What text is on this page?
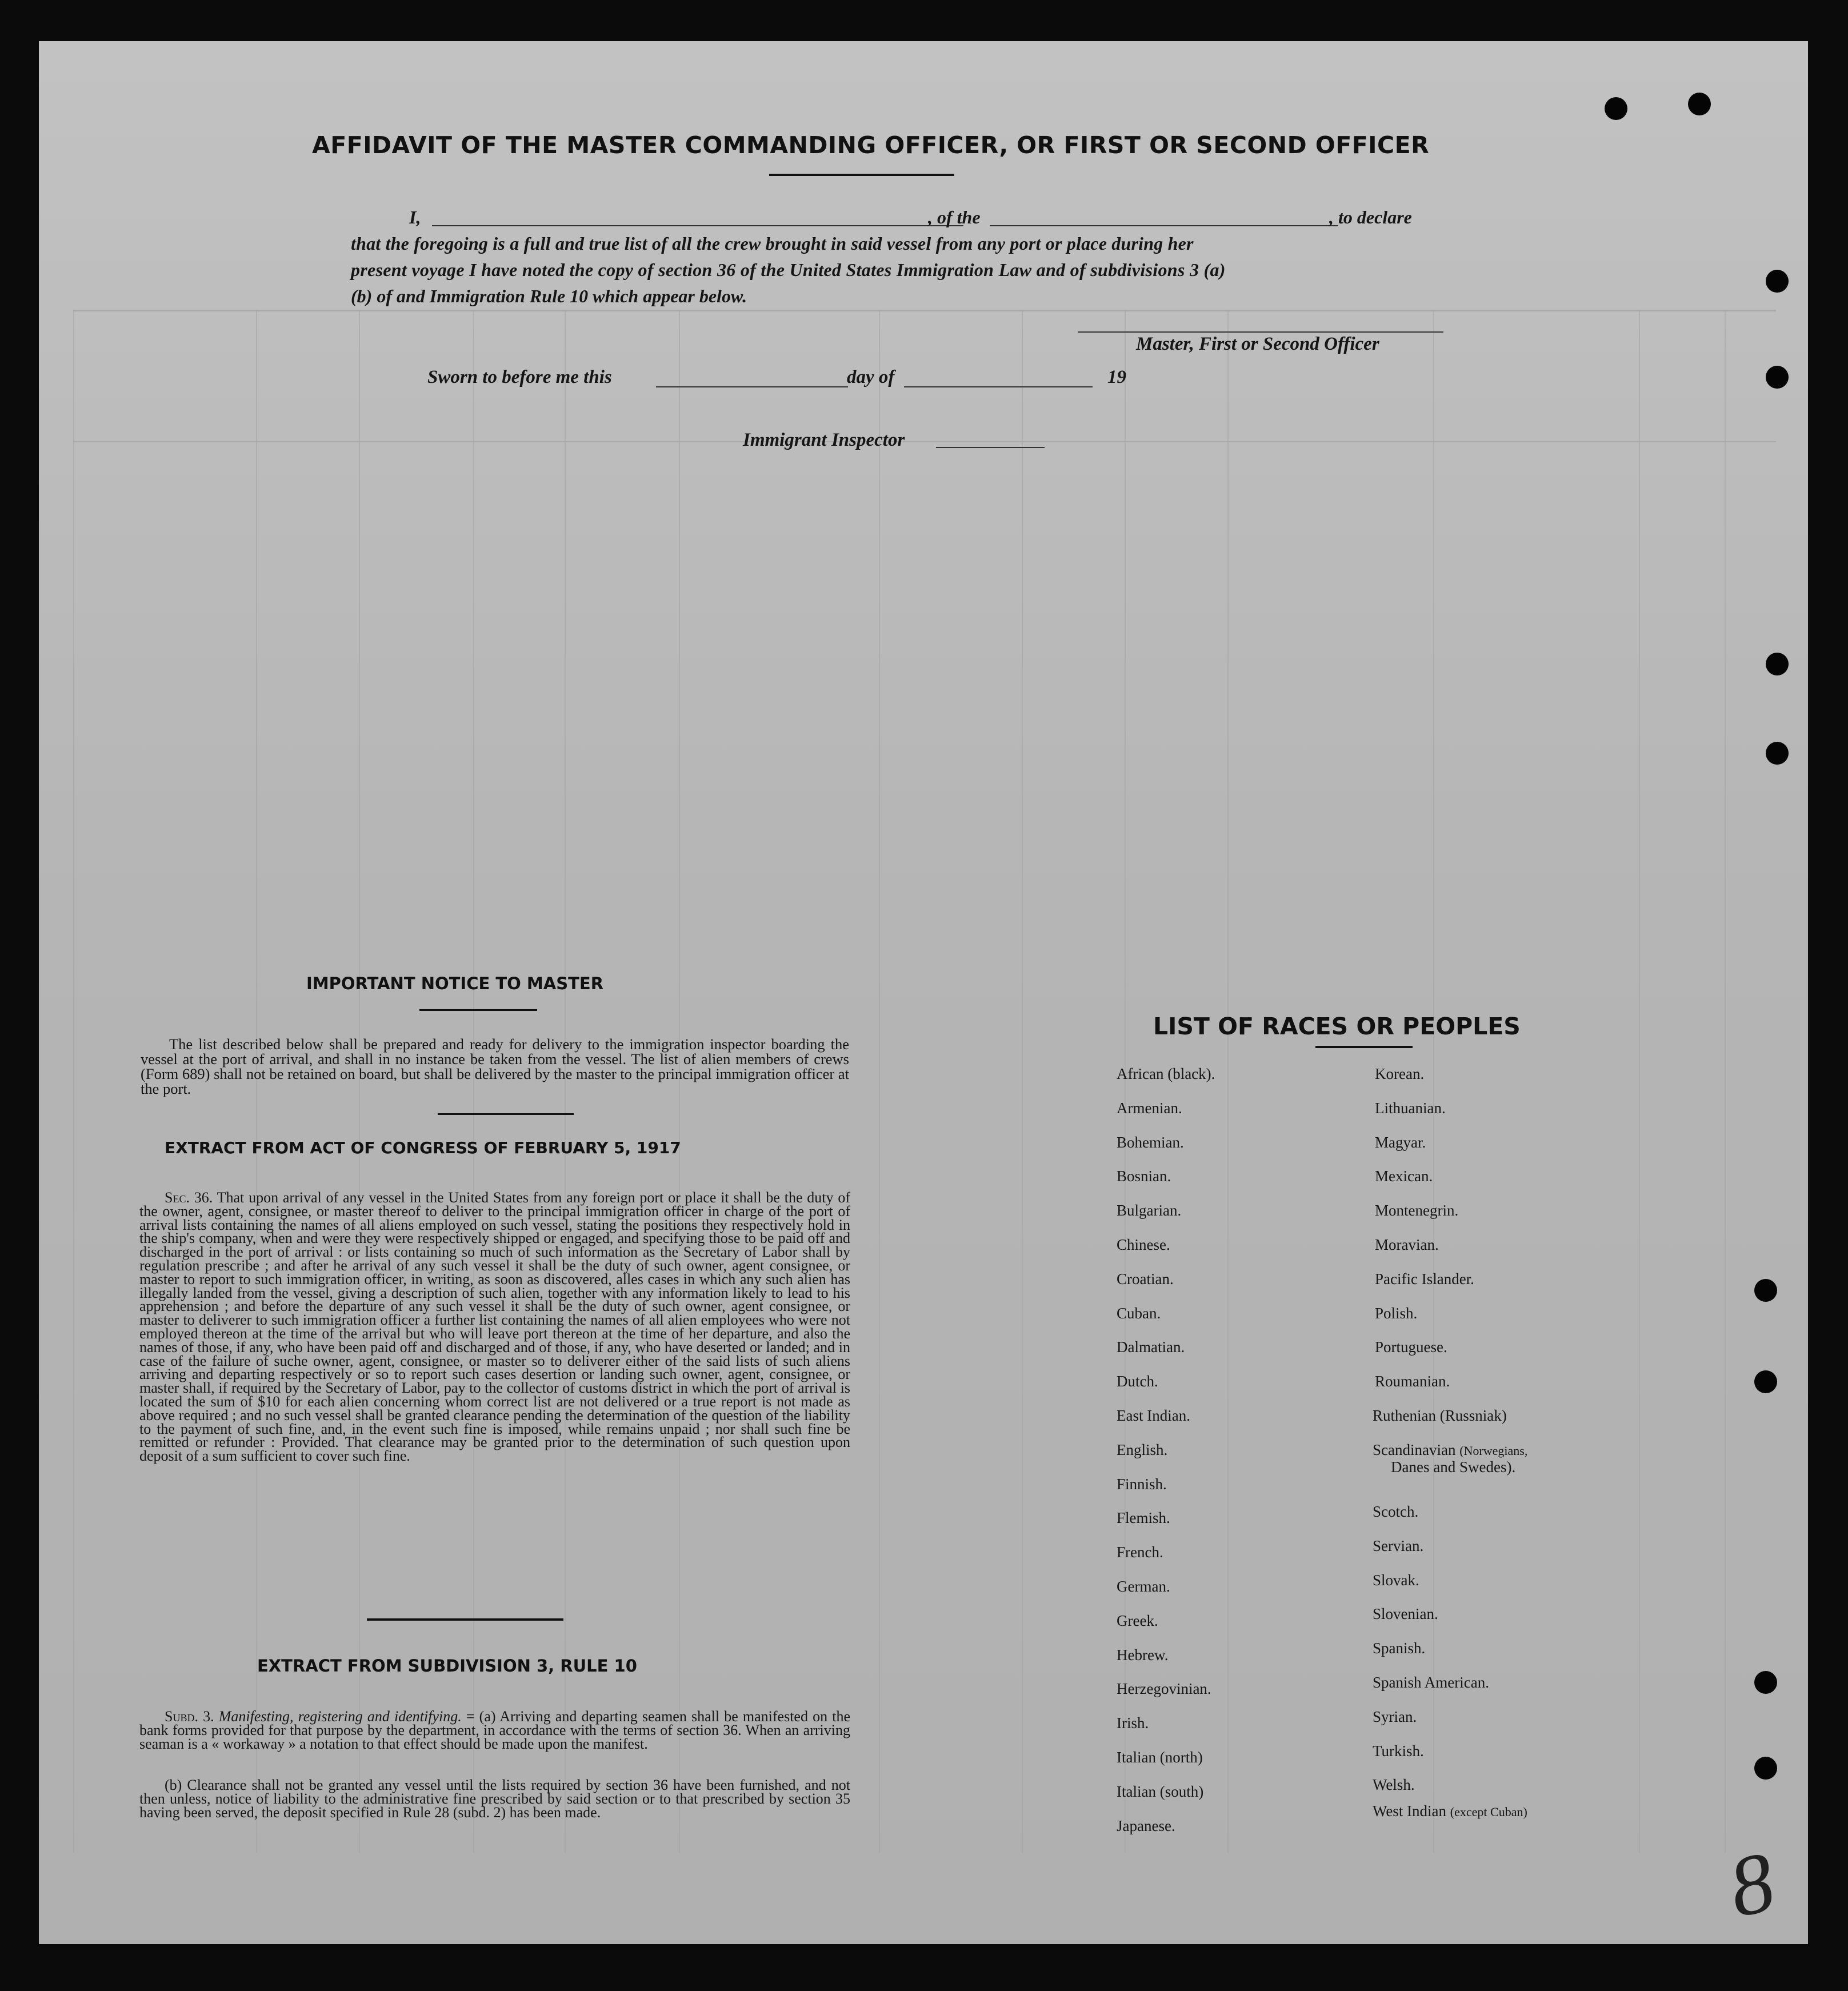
AFFIDAVIT OF THE MASTER COMMANDING OFFICER, OR FIRST OR SECOND OFFICER
I,	, of the	, to declare
that the foregoing is a full and true list of all the crew brought in said vessel from any port or place during her
present voyage I have noted the copy of section 36 of the United States Immigration Law and of subdivisions 3 (a)
(b) of and Immigration Rule 10 which appear below.
Master, First or Second Officer
Sworn to before me this	day of	19
Immigrant Inspector
IMPORTANT NOTICE TO MASTER
The list described below shall be prepared and ready for delivery to the immigration inspector boarding the vessel at the port of arrival, and shall in no instance be taken from the vessel. The list of alien members of crews (Form 689) shall not be retained on board, but shall be delivered by the master to the principal immigration officer at the port.
EXTRACT FROM ACT OF CONGRESS OF FEBRUARY 5, 1917
Sec. 36. That upon arrival of any vessel in the United States from any foreign port or place it shall be the duty of the owner, agent, consignee, or master thereof to deliver to the principal immigration officer in charge of the port of arrival lists containing the names of all aliens employed on such vessel, stating the positions they respectively hold in the ship's company, when and were they were respectively shipped or engaged, and specifying those to be paid off and discharged in the port of arrival : or lists containing so much of such information as the Secretary of Labor shall by regulation prescribe ; and after he arrival of any such vessel it shall be the duty of such owner, agent consignee, or master to report to such immigration officer, in writing, as soon as discovered, alles cases in which any such alien has illegally landed from the vessel, giving a description of such alien, together with any information likely to lead to his apprehension ; and before the departure of any such vessel it shall be the duty of such owner, agent consignee, or master to deliverer to such immigration officer a further list containing the names of all alien employees who were not employed thereon at the time of the arrival but who will leave port thereon at the time of her departure, and also the names of those, if any, who have been paid off and discharged and of those, if any, who have deserted or landed; and in case of the failure of suche owner, agent, consignee, or master so to deliverer either of the said lists of such aliens arriving and departing respectively or so to report such cases desertion or landing such owner, agent, consignee, or master shall, if required by the Secretary of Labor, pay to the collector of customs district in which the port of arrival is located the sum of $10 for each alien concerning whom correct list are not delivered or a true report is not made as above required ; and no such vessel shall be granted clearance pending the determination of the question of the liability to the payment of such fine, and, in the event such fine is imposed, while remains unpaid ; nor shall such fine be remitted or refunder : Provided. That clearance may be granted prior to the determination of such question upon deposit of a sum sufficient to cover such fine.
EXTRACT FROM SUBDIVISION 3, RULE 10
Subd. 3. Manifesting, registering and identifying. = (a) Arriving and departing seamen shall be manifested on the bank forms provided for that purpose by the department, in accordance with the terms of section 36. When an arriving seaman is a « workaway » a notation to that effect should be made upon the manifest.
(b) Clearance shall not be granted any vessel until the lists required by section 36 have been furnished, and not then unless, notice of liability to the administrative fine prescribed by said section or to that prescribed by section 35 having been served, the deposit specified in Rule 28 (subd. 2) has been made.
LIST OF RACES OR PEOPLES
African (black).
Armenian.
Bohemian.
Bosnian.
Bulgarian.
Chinese.
Croatian.
Cuban.
Dalmatian.
Dutch.
East Indian.
English.
Finnish.
Flemish.
French.
German.
Greek.
Hebrew.
Herzegovinian.
Irish.
Italian (north)
Italian (south)
Japanese.
Korean.
Lithuanian.
Magyar.
Mexican.
Montenegrin.
Moravian.
Pacific Islander.
Polish.
Portuguese.
Roumanian.
Ruthenian (Russniak)
Scandinavian (Norwegians,
Danes and Swedes).
Scotch.
Servian.
Slovak.
Slovenian.
Spanish.
Spanish American.
Syrian.
Turkish.
Welsh.
West Indian (except Cuban)
8
